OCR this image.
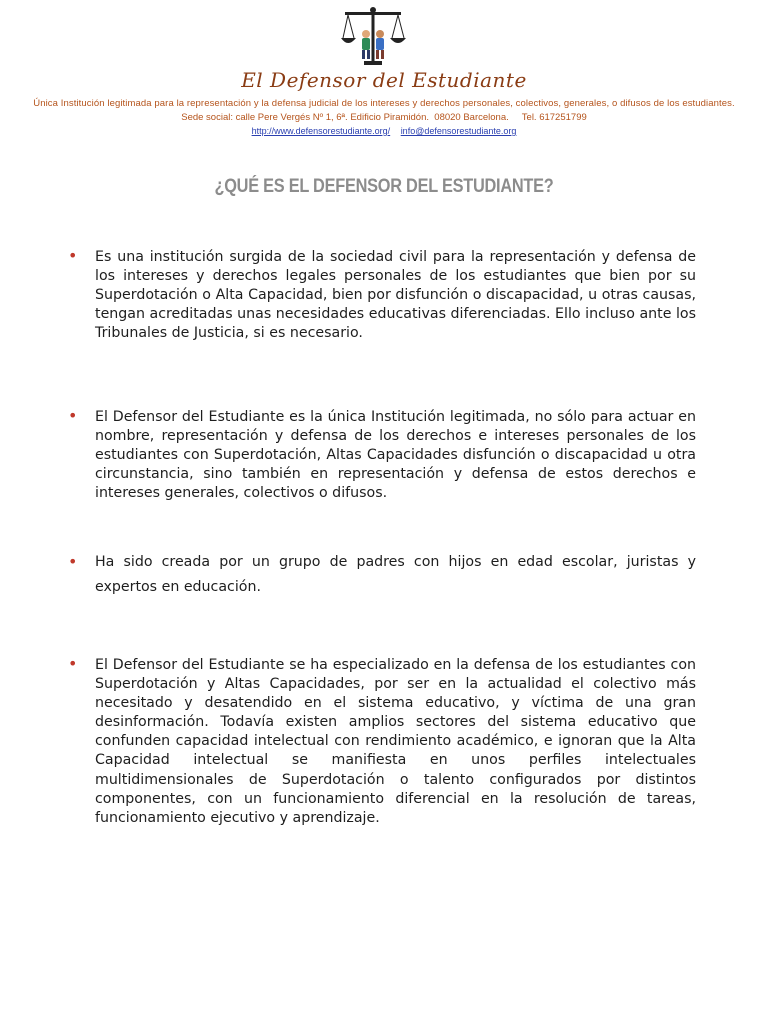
El Defensor del Estudiante
Única Institución legitimada para la representación y la defensa judicial de los intereses y derechos personales, colectivos, generales, o difusos de los estudiantes.
Sede social: calle Pere Vergés Nº 1, 6ª. Edificio Piramidón.  08020 Barcelona.     Tel. 617251799
http://www.defensorestudiante.org/ info@defensorestudiante.org
¿QUÉ ES EL DEFENSOR DEL ESTUDIANTE?
• Es una institución surgida de la sociedad civil para la representación y defensa de los intereses y derechos legales personales de los estudiantes que bien por su Superdotación o Alta Capacidad, bien por disfunción o discapacidad, u otras causas, tengan acreditadas unas necesidades educativas diferenciadas. Ello incluso ante los Tribunales de Justicia, si es necesario.
• El Defensor del Estudiante es la única Institución legitimada, no sólo para actuar en nombre, representación y defensa de los derechos e intereses personales de los estudiantes con Superdotación, Altas Capacidades disfunción o discapacidad u otra circunstancia, sino también en representación y defensa de estos derechos e intereses generales, colectivos o difusos.
• Ha sido creada por un grupo de padres con hijos en edad escolar, juristas y expertos en educación.
• El Defensor del Estudiante se ha especializado en la defensa de los estudiantes con Superdotación y Altas Capacidades, por ser en la actualidad el colectivo más necesitado y desatendido en el sistema educativo, y víctima de una gran desinformación. Todavía existen amplios sectores del sistema educativo que confunden capacidad intelectual con rendimiento académico, e ignoran que la Alta Capacidad intelectual se manifiesta en unos perfiles intelectuales multidimensionales de Superdotación o talento configurados por distintos componentes, con un funcionamiento diferencial en la resolución de tareas, funcionamiento ejecutivo y aprendizaje.
